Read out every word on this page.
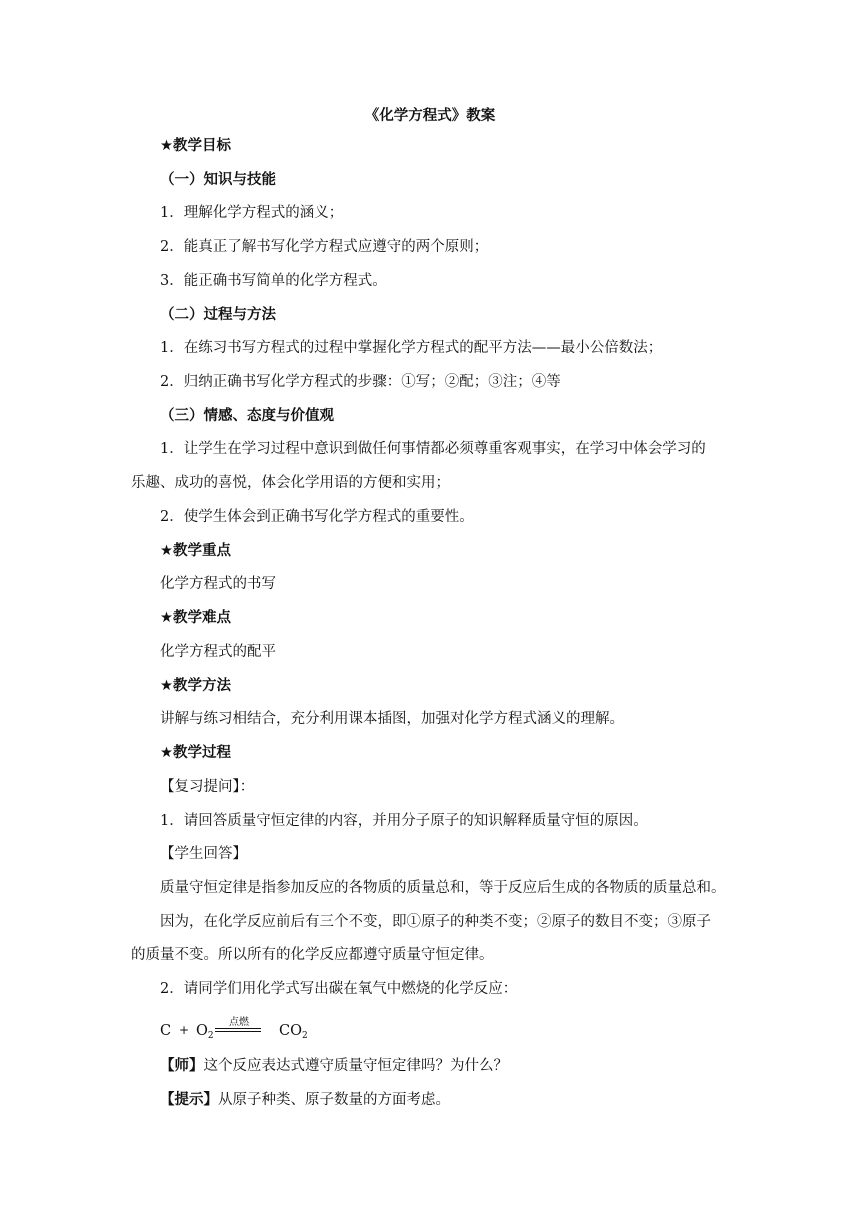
《化学方程式》教案
★教学目标
（一）知识与技能
1．理解化学方程式的涵义；
2．能真正了解书写化学方程式应遵守的两个原则；
3．能正确书写简单的化学方程式。
（二）过程与方法
1．在练习书写方程式的过程中掌握化学方程式的配平方法——最小公倍数法；
2．归纳正确书写化学方程式的步骤：①写；②配；③注；④等
（三）情感、态度与价值观
1．让学生在学习过程中意识到做任何事情都必须尊重客观事实，在学习中体会学习的
乐趣、成功的喜悦，体会化学用语的方便和实用；
2．使学生体会到正确书写化学方程式的重要性。
★教学重点
化学方程式的书写
★教学难点
化学方程式的配平
★教学方法
讲解与练习相结合，充分利用课本插图，加强对化学方程式涵义的理解。
★教学过程
【复习提问】：
1．请回答质量守恒定律的内容，并用分子原子的知识解释质量守恒的原因。
【学生回答】
质量守恒定律是指参加反应的各物质的质量总和，等于反应后生成的各物质的质量总和。
因为，在化学反应前后有三个不变，即①原子的种类不变；②原子的数目不变；③原子
的质量不变。所以所有的化学反应都遵守质量守恒定律。
2．请同学们用化学式写出碳在氧气中燃烧的化学反应：
$C + O_2$
点燃
$CO_2$
【师】这个反应表达式遵守质量守恒定律吗？为什么？
【提示】从原子种类、原子数量的方面考虑。
